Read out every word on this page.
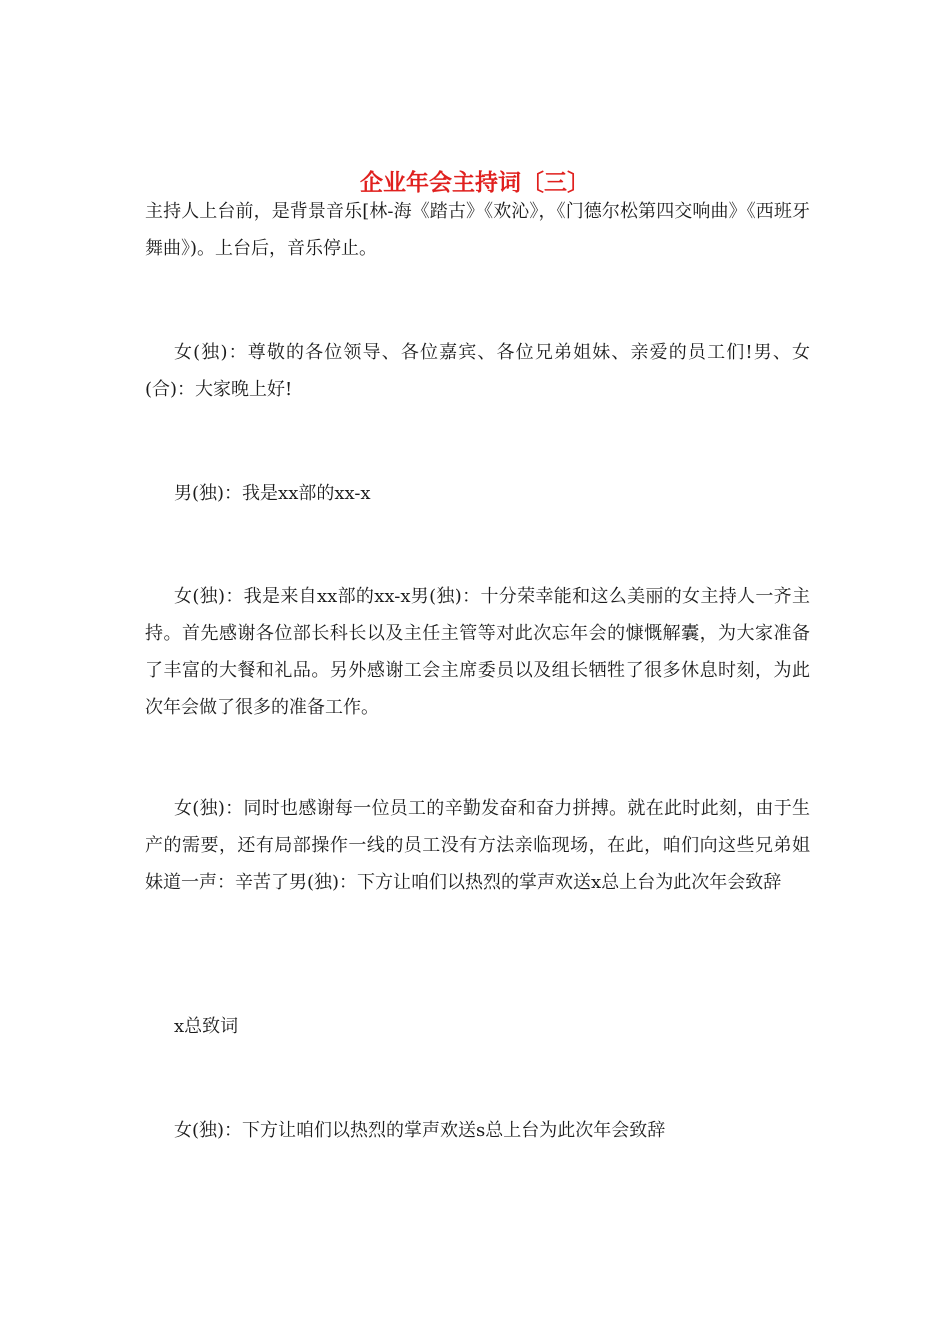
企业年会主持词〔三〕

主持人上台前，是背景音乐[林-海《踏古》《欢沁》，《门德尔松第四交响曲》《西班牙舞曲》)。上台后，音乐停止。

女(独)：尊敬的各位领导、各位嘉宾、各位兄弟姐妹、亲爱的员工们!男、女(合)：大家晚上好!

男(独)：我是xx部的xx-x

女(独)：我是来自xx部的xx-x男(独)：十分荣幸能和这么美丽的女主持人一齐主持。首先感谢各位部长科长以及主任主管等对此次忘年会的慷慨解囊，为大家准备了丰富的大餐和礼品。另外感谢工会主席委员以及组长牺牲了很多休息时刻，为此次年会做了很多的准备工作。

女(独)：同时也感谢每一位员工的辛勤发奋和奋力拼搏。就在此时此刻，由于生产的需要，还有局部操作一线的员工没有方法亲临现场，在此，咱们向这些兄弟姐妹道一声：辛苦了男(独)：下方让咱们以热烈的掌声欢送x总上台为此次年会致辞

x总致词

女(独)：下方让咱们以热烈的掌声欢送s总上台为此次年会致辞
